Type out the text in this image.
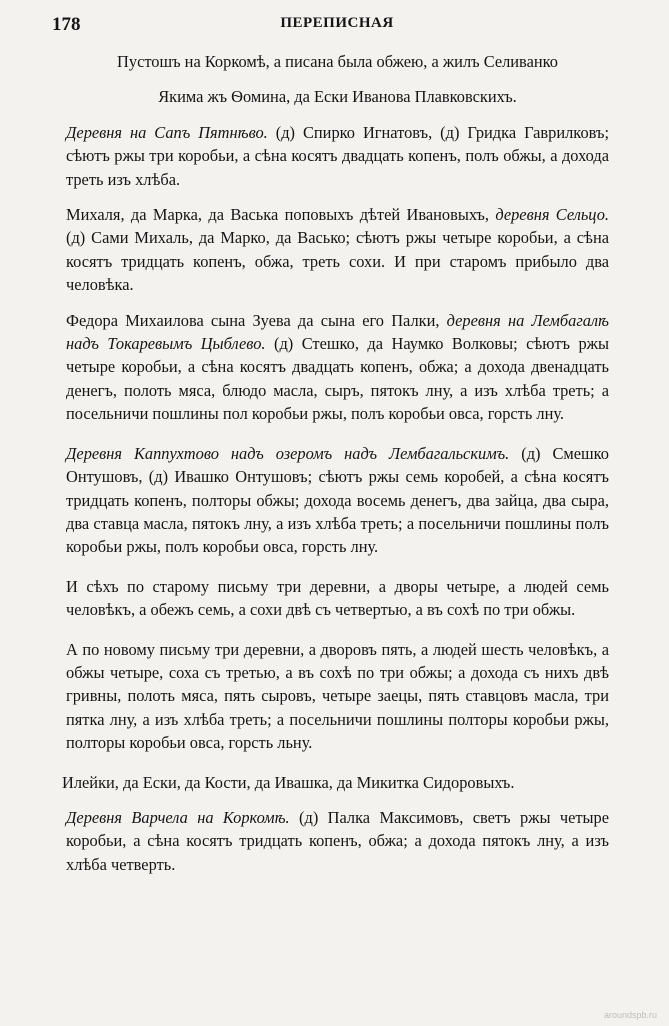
178	ПЕРЕПИСНАЯ

Пустошъ на Коркомѣ, а писана была обжею, а жилъ Селиванко

Якима жъ Ѳомина, да Ески Иванова Плавковскихъ.

Деревня на Сапъ Пятнѣво. (д) Спирко Игнатовъ, (д) Гридка Гаврилковъ; сѣютъ ржы три коробьи, а сѣна косятъ двадцать копенъ, полъ обжы, а дохода треть изъ хлѣба.

Михаля, да Марка, да Васька поповыхъ дѣтей Ивановыхъ, деревня Сельцо. (д) Сами Михаль, да Марко, да Васько; сѣютъ ржы четыре коробьи, а сѣна косятъ тридцать копенъ, обжа, треть сохи. И при старомъ прибыло два человѣка.

Федора Михаилова сына Зуева да сына его Палки, деревня на Лембагалѣ надъ Токаревымъ Цыблево. (д) Стешко, да Наумко Волковы; сѣютъ ржы четыре коробьи, а сѣна косятъ двадцать копенъ, обжа; а дохода двенадцать денегъ, полоть мяса, блюдо масла, сыръ, пятокъ лну, а изъ хлѣба треть; а посельничи пошлины пол коробьи ржы, полъ коробьи овса, горсть лну.

Деревня Каппухтово надъ озеромъ надъ Лембагальскимъ. (д) Смешко Онтушовъ, (д) Ивашко Онтушовъ; сѣютъ ржы семь коробей, а сѣна косятъ тридцать копенъ, полторы обжы; дохода восемь денегъ, два зайца, два сыра, два ставца масла, пятокъ лну, а изъ хлѣба треть; а посельничи пошлины полъ коробьи ржы, полъ коробьи овса, горсть лну.

И сѣхъ по старому письму три деревни, а дворы четыре, а людей семь человѣкъ, а обежъ семь, а сохи двѣ съ четвертью, а въ сохѣ по три обжы.

А по новому письму три деревни, а дворовъ пять, а людей шесть человѣкъ, а обжы четыре, соха съ третью, а въ сохѣ по три обжы; а дохода съ нихъ двѣ гривны, полоть мяса, пять сыровъ, четыре заецы, пять ставцовъ масла, три пятка лну, а изъ хлѣба треть; а посельничи пошлины полторы коробьи ржы, полторы коробьи овса, горсть льну.

Илейки, да Ески, да Кости, да Ивашка, да Микитка Сидоровыхъ.

Деревня Варчела на Коркомѣ. (д) Палка Максимовъ, светъ ржы четыре коробьи, а сѣна косятъ тридцать копенъ, обжа; а дохода пятокъ лну, а изъ хлѣба четверть.

aroundspb.ru
